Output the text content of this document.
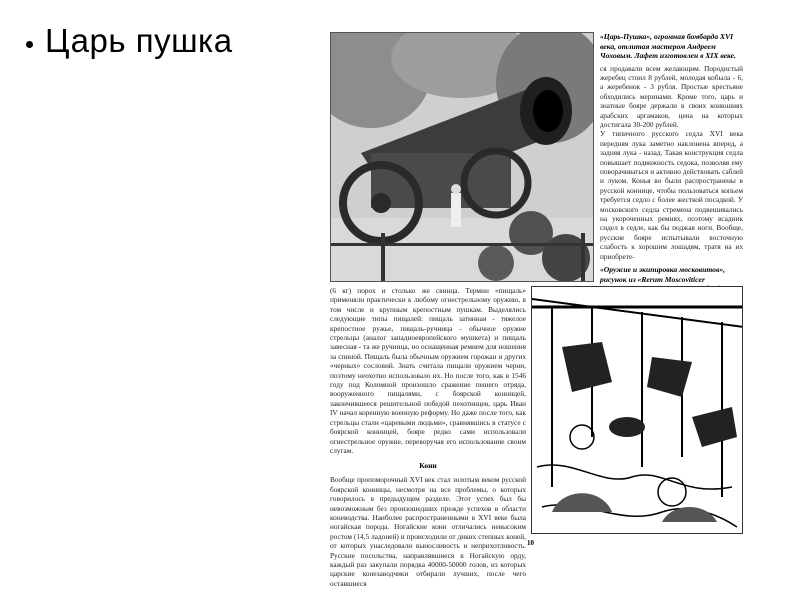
Царь пушка	«Царь-Пушка», огромная бомбарда XVI века, отлитая мастером Андреем Чоховым. Лафет изготовлен в XIX веке.
ся продавали всем желающим. Породистый жеребец стоил 8 рублей, молодая кобыла - 6, а жеребенок - 3 рубля. Простые крестьяне обходились меринами. Кроме того, царь и знатные бояре держали в своих конюшнях арабских аргамаков, цена на которых достигала 30-200 рублей.
У типичного русского седла XVI века передняя лука заметно наклонена вперед, а задняя лука - назад. Такая конструкция седла повышает подвижность седока, позволяя ему поворачиваться и активно действовать саблей и луком. Конья во были распространены в русской коннице, чтобы пользоваться копьем требуется седло с более жесткой посадкой. У московского седла стремена подвешивались на укороченных ремнях, поэтому всадник сидел в седле, как бы поджав ноги. Вообще, русские боярe испытывали восточную слабость к хорошим лошадям, тратя на их приобрете-
«Оружие и экипировка московитов», рисунок из «Rerum Moscoviticer
(6 кг) порох и столько же свинца. Термин «пищаль» применяли практически к любому огнестрельному оружию, в том числе и крупным крепостным пушкам. Выделялись следующие типы пищалей: пищаль затинная - тяжелое крепостное ружье, пищаль-ручница - обычное оружие стрельцы (аналог западноевропейского мушкета) и пищаль завесная - та же ручница, но оснащенная ремнем для ношения за спиной. Пищаль была обычным оружием горожан и других «черных» сословий. Знать считала пищали оружием черни, поэтому неохотно использовало их. Но после того, как в 1546 году под Коломной произошло сражение пешего отряда, вооруженного пищалями, с боярской конницей, закончившееся решительной победой пехотинцев, царь Иван IV начал коренную военную реформу. Но даже после того, как стрельцы стали «царевыми людьми», сравнявшись в статусе с боярской конницей, бояре редко сами использовали огнестрельное оружие, переворучая его использование своим слугам.
Кони
Вообще пропоморочный XVI век стал золотым веком русской боярской конницы, несмотря на все проблемы, о которых говорилось в предыдущем разделе. Этот успех был бы невозможным без произошедших прежде успехов в области коневодства. Наиболее распространенными в XVI веке была ногайская порода. Ногайские кони отличались невысоким ростом (14,5 ладоней) и происходили от диких степных коней, от которых унаследовали выносливость и неприхотливость. Русские посольства, направлявшиеся в Ногайскую орду, каждый раз закупали порядка 40000-50000 голов, из которых царские конезаводчики отбирали лучших, после чего оставшиеся
10
